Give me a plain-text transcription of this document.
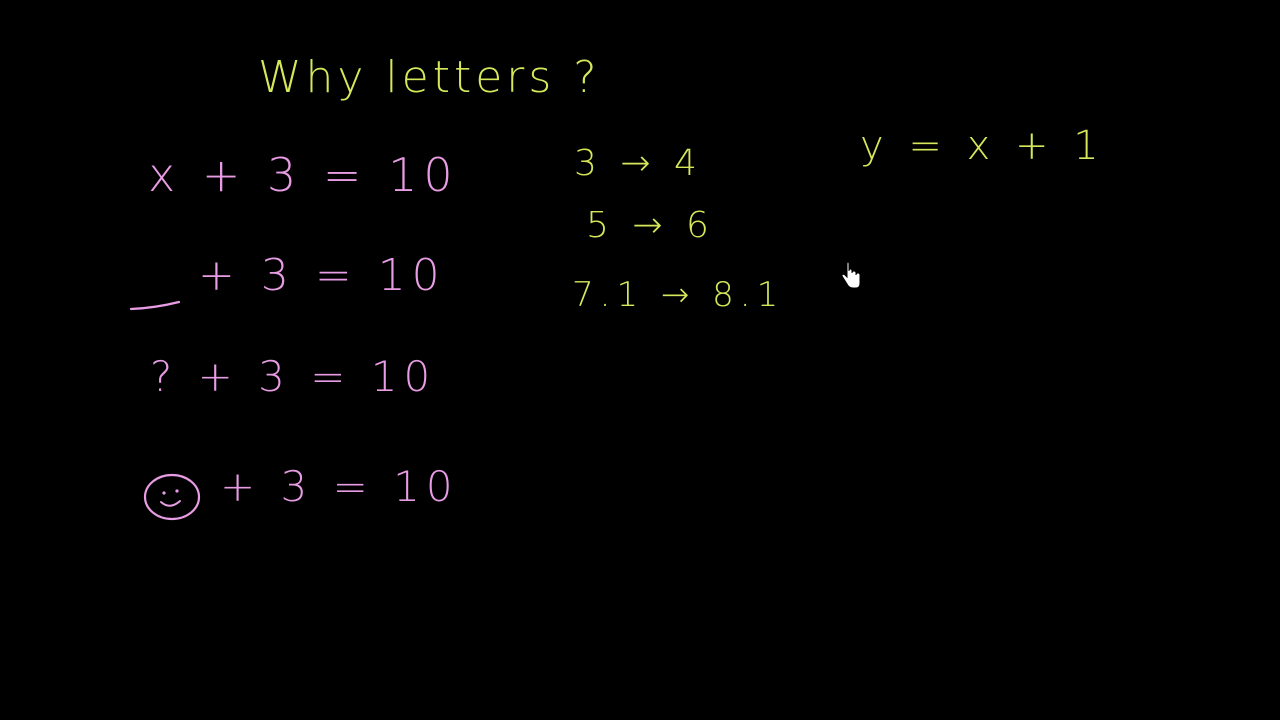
Why letters ?
x + 3 = 10
+ 3 = 10
? + 3 = 10
+ 3 = 10
3 → 4
5 → 6
7.1 → 8.1
y = x + 1
